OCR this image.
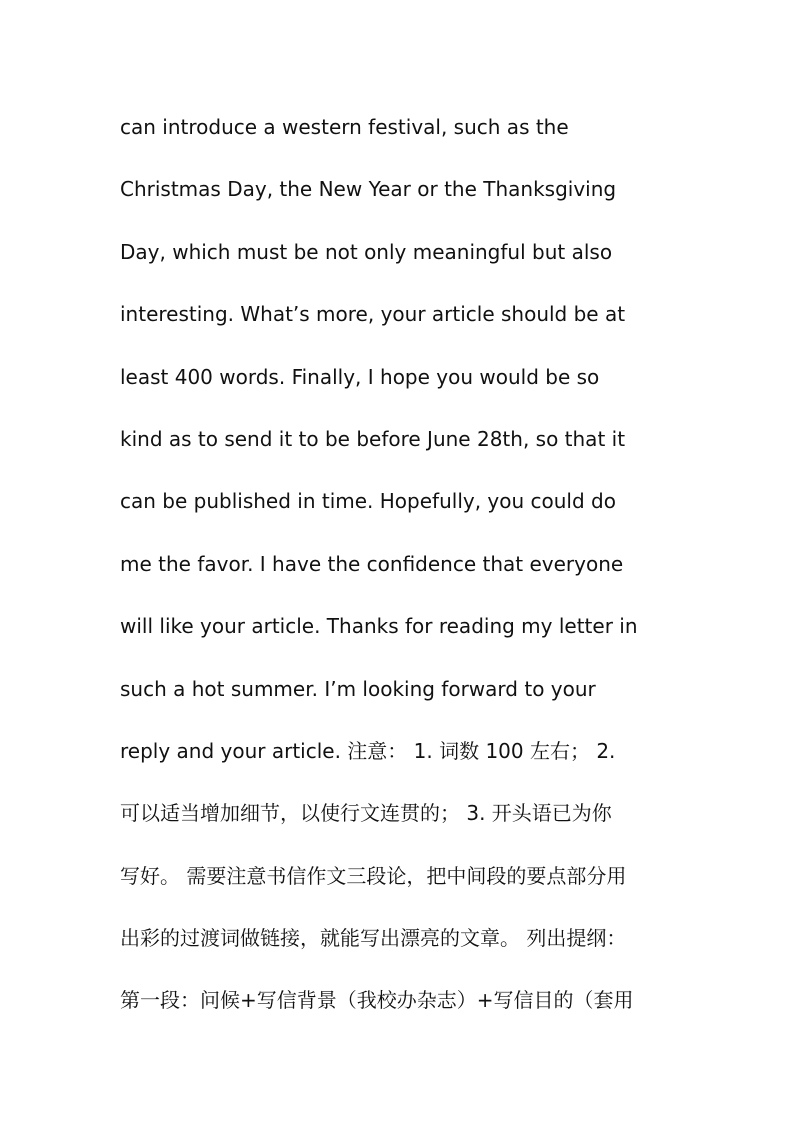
can introduce a western festival, such as the
Christmas Day, the New Year or the Thanksgiving
Day, which must be not only meaningful but also
interesting. What’s more, your article should be at
least 400 words. Finally, I hope you would be so
kind as to send it to be before June 28th, so that it
can be published in time. Hopefully, you could do
me the favor. I have the confidence that everyone
will like your article. Thanks for reading my letter in
such a hot summer. I’m looking forward to your
reply and your article. 注意： 1. 词数 100 左右； 2.
可以适当增加细节，以使行文连贯的； 3. 开头语已为你
写好。 需要注意书信作文三段论，把中间段的要点部分用
出彩的过渡词做链接，就能写出漂亮的文章。 列出提纲：
第一段：问候+写信背景（我校办杂志）+写信目的（套用
